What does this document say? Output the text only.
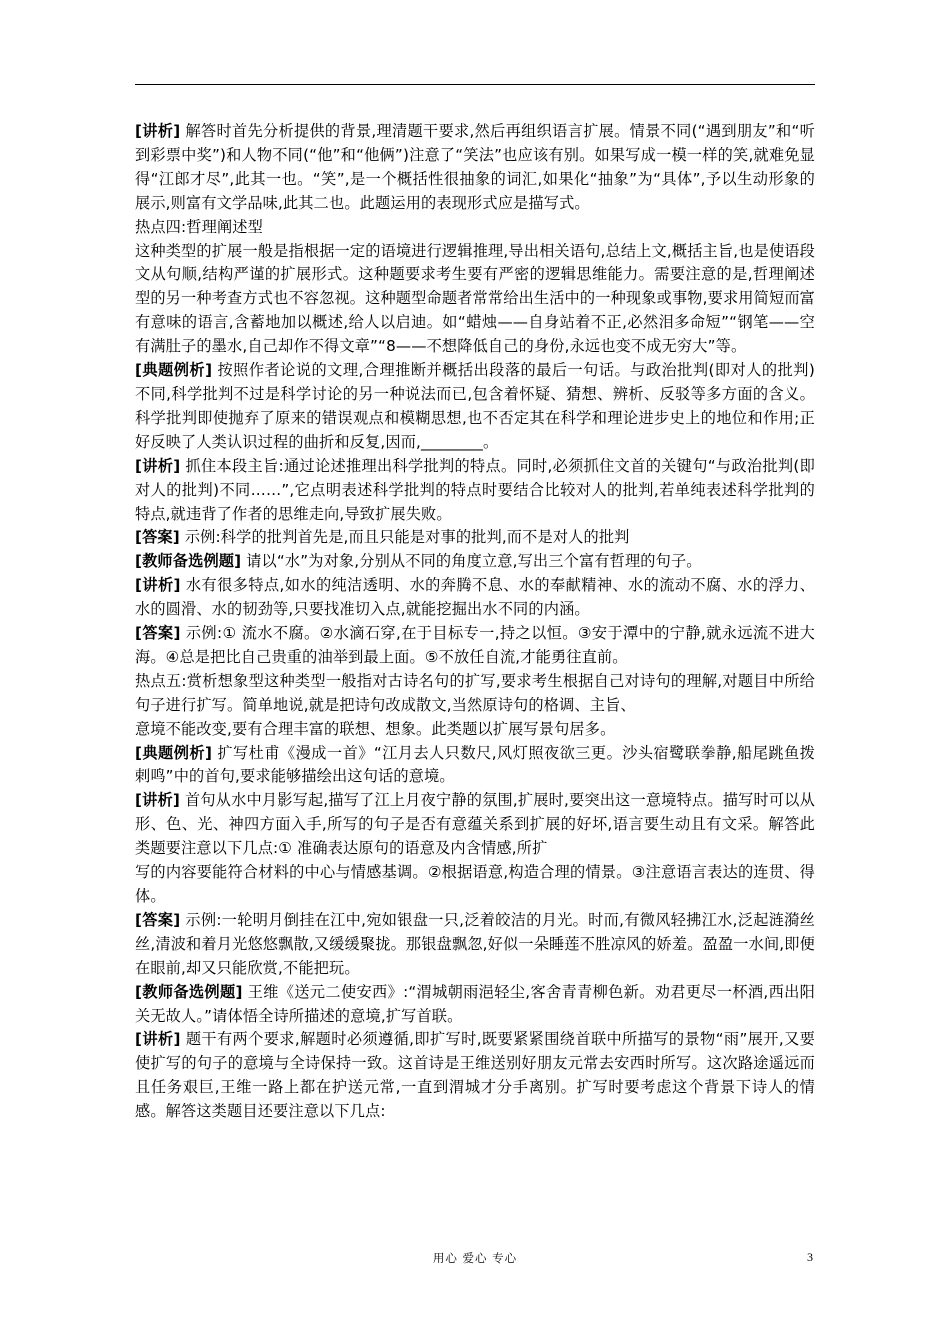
[讲析] 解答时首先分析提供的背景,理清题干要求,然后再组织语言扩展。情景不同(“遇到朋友”和“听到彩票中奖”)和人物不同(“他”和“他俩”)注意了“笑法”也应该有别。如果写成一模一样的笑,就难免显得“江郎才尽”,此其一也。“笑”,是一个概括性很抽象的词汇,如果化“抽象”为“具体”,予以生动形象的展示,则富有文学品味,此其二也。此题运用的表现形式应是描写式。

热点四:哲理阐述型

这种类型的扩展一般是指根据一定的语境进行逻辑推理,导出相关语句,总结上文,概括主旨,也是使语段文从句顺,结构严谨的扩展形式。这种题要求考生要有严密的逻辑思维能力。需要注意的是,哲理阐述型的另一种考查方式也不容忽视。这种题型命题者常常给出生活中的一种现象或事物,要求用简短而富有意味的语言,含蓄地加以概述,给人以启迪。如“蜡烛——自身站着不正,必然泪多命短”“钢笔——空有满肚子的墨水,自己却作不得文章”“8——不想降低自己的身份,永远也变不成无穷大”等。

[典题例析] 按照作者论说的文理,合理推断并概括出段落的最后一句话。与政治批判(即对人的批判)不同,科学批判不过是科学讨论的另一种说法而已,包含着怀疑、猜想、辨析、反驳等多方面的含义。科学批判即使抛弃了原来的错误观点和模糊思想,也不否定其在科学和理论进步史上的地位和作用;正好反映了人类认识过程的曲折和反复,因而,________。

[讲析] 抓住本段主旨:通过论述推理出科学批判的特点。同时,必须抓住文首的关键句“与政治批判(即对人的批判)不同……”,它点明表述科学批判的特点时要结合比较对人的批判,若单纯表述科学批判的特点,就违背了作者的思维走向,导致扩展失败。

[答案] 示例:科学的批判首先是,而且只能是对事的批判,而不是对人的批判

[教师备选例题] 请以“水”为对象,分别从不同的角度立意,写出三个富有哲理的句子。

[讲析] 水有很多特点,如水的纯洁透明、水的奔腾不息、水的奉献精神、水的流动不腐、水的浮力、水的圆滑、水的韧劲等,只要找准切入点,就能挖掘出水不同的内涵。

[答案] 示例:① 流水不腐。②水滴石穿,在于目标专一,持之以恒。③安于潭中的宁静,就永远流不进大海。④总是把比自己贵重的油举到最上面。⑤不放任自流,才能勇往直前。

热点五:赏析想象型这种类型一般指对古诗名句的扩写,要求考生根据自己对诗句的理解,对题目中所给句子进行扩写。简单地说,就是把诗句改成散文,当然原诗句的格调、主旨、

意境不能改变,要有合理丰富的联想、想象。此类题以扩展写景句居多。

[典题例析] 扩写杜甫《漫成一首》“江月去人只数尺,风灯照夜欲三更。沙头宿鹭联拳静,船尾跳鱼拨剌鸣”中的首句,要求能够描绘出这句话的意境。

[讲析] 首句从水中月影写起,描写了江上月夜宁静的氛围,扩展时,要突出这一意境特点。描写时可以从形、色、光、神四方面入手,所写的句子是否有意蕴关系到扩展的好坏,语言要生动且有文采。解答此类题要注意以下几点:① 准确表达原句的语意及内含情感,所扩

写的内容要能符合材料的中心与情感基调。②根据语意,构造合理的情景。③注意语言表达的连贯、得体。

[答案] 示例:一轮明月倒挂在江中,宛如银盘一只,泛着皎洁的月光。时而,有微风轻拂江水,泛起涟漪丝丝,清波和着月光悠悠飘散,又缓缓聚拢。那银盘飘忽,好似一朵睡莲不胜凉风的娇羞。盈盈一水间,即便在眼前,却又只能欣赏,不能把玩。

[教师备选例题] 王维《送元二使安西》:“渭城朝雨浥轻尘,客舍青青柳色新。劝君更尽一杯酒,西出阳关无故人。”请体悟全诗所描述的意境,扩写首联。

[讲析] 题干有两个要求,解题时必须遵循,即扩写时,既要紧紧围绕首联中所描写的景物“雨”展开,又要使扩写的句子的意境与全诗保持一致。这首诗是王维送别好朋友元常去安西时所写。这次路途遥远而且任务艰巨,王维一路上都在护送元常,一直到渭城才分手离别。扩写时要考虑这个背景下诗人的情感。解答这类题目还要注意以下几点:

用心 爱心 专心	3
